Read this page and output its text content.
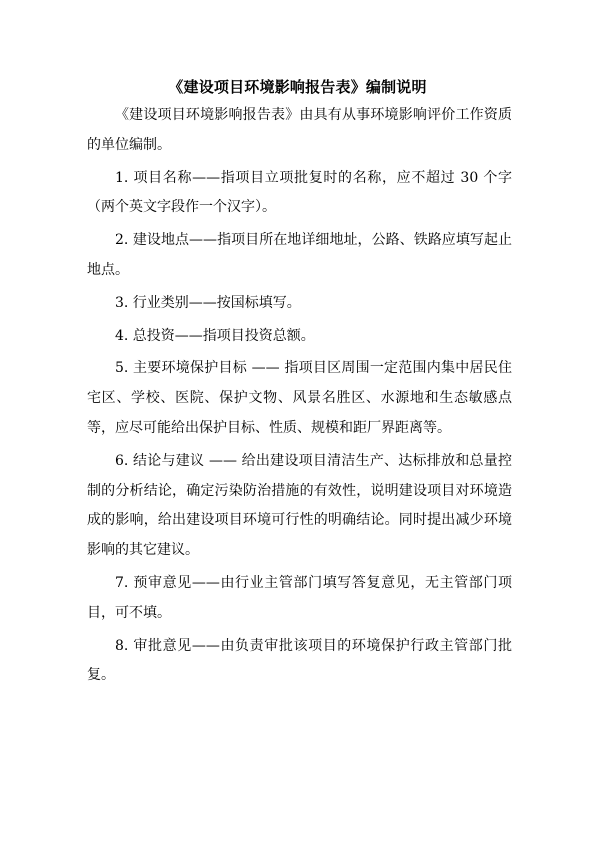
《建设项目环境影响报告表》编制说明

《建设项目环境影响报告表》由具有从事环境影响评价工作资质的单位编制。

1. 项目名称——指项目立项批复时的名称，应不超过 30 个字（两个英文字段作一个汉字）。

2. 建设地点——指项目所在地详细地址，公路、铁路应填写起止地点。

3. 行业类别——按国标填写。

4. 总投资——指项目投资总额。

5. 主要环境保护目标 —— 指项目区周围一定范围内集中居民住宅区、学校、医院、保护文物、风景名胜区、水源地和生态敏感点等，应尽可能给出保护目标、性质、规模和距厂界距离等。

6. 结论与建议 —— 给出建设项目清洁生产、达标排放和总量控制的分析结论，确定污染防治措施的有效性，说明建设项目对环境造成的影响，给出建设项目环境可行性的明确结论。同时提出减少环境影响的其它建议。

7. 预审意见——由行业主管部门填写答复意见，无主管部门项目，可不填。

8. 审批意见——由负责审批该项目的环境保护行政主管部门批复。
